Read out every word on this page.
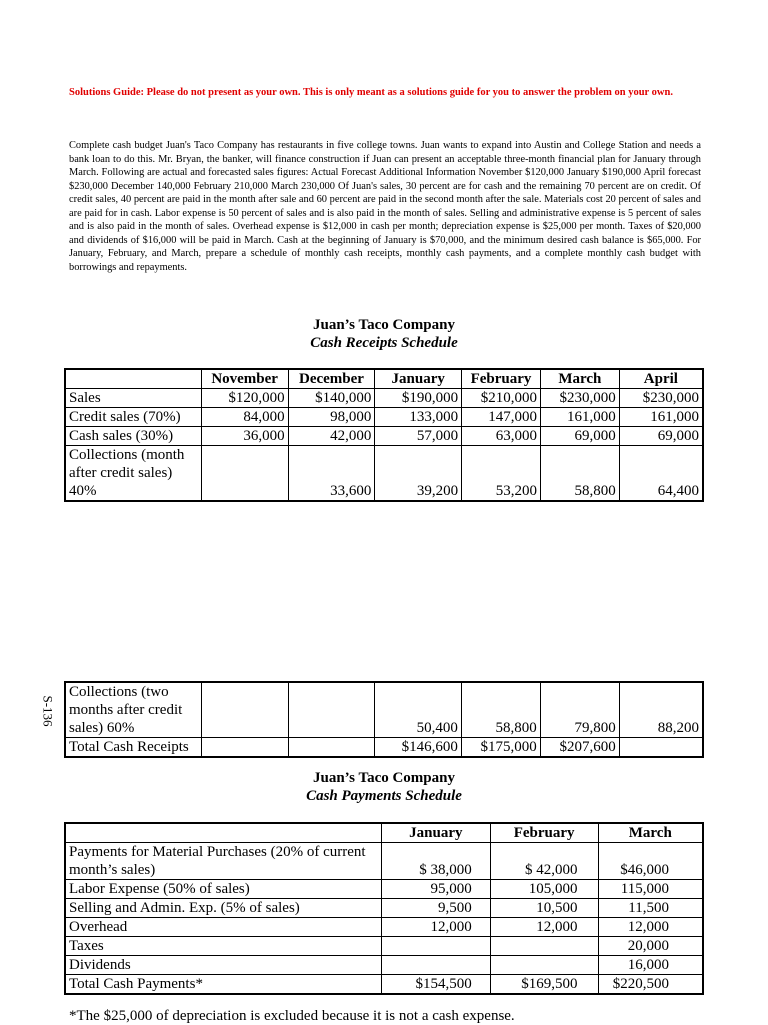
Solutions Guide: Please do not present as your own. This is only meant as a solutions guide for you to answer the problem on your own.
Complete cash budget Juan's Taco Company has restaurants in five college towns. Juan wants to expand into Austin and College Station and needs a bank loan to do this. Mr. Bryan, the banker, will finance construction if Juan can present an acceptable three-month financial plan for January through March. Following are actual and forecasted sales figures: Actual Forecast Additional Information November $120,000 January $190,000 April forecast $230,000 December 140,000 February 210,000 March 230,000 Of Juan's sales, 30 percent are for cash and the remaining 70 percent are on credit. Of credit sales, 40 percent are paid in the month after sale and 60 percent are paid in the second month after the sale. Materials cost 20 percent of sales and are paid for in cash. Labor expense is 50 percent of sales and is also paid in the month of sales. Selling and administrative expense is 5 percent of sales and is also paid in the month of sales. Overhead expense is $12,000 in cash per month; depreciation expense is $25,000 per month. Taxes of $20,000 and dividends of $16,000 will be paid in March. Cash at the beginning of January is $70,000, and the minimum desired cash balance is $65,000. For January, February, and March, prepare a schedule of monthly cash receipts, monthly cash payments, and a complete monthly cash budget with borrowings and repayments.
Juan’s Taco Company
Cash Receipts Schedule
	November	December	January	February	March	April
Sales	$120,000	$140,000	$190,000	$210,000	$230,000	$230,000
Credit sales (70%)	84,000	98,000	133,000	147,000	161,000	161,000
Cash sales (30%)	36,000	42,000	57,000	63,000	69,000	69,000
Collections (month after credit sales) 40%		33,600	39,200	53,200	58,800	64,400
S-136
Collections (two months after credit sales) 60%			50,400	58,800	79,800	88,200
Total Cash Receipts			$146,600	$175,000	$207,600	
Juan’s Taco Company
Cash Payments Schedule
	January	February	March
Payments for Material Purchases (20% of current month’s sales)	$ 38,000	$ 42,000	$46,000
Labor Expense (50% of sales)	95,000	105,000	115,000
Selling and Admin. Exp. (5% of sales)	9,500	10,500	11,500
Overhead	12,000	12,000	12,000
Taxes			20,000
Dividends			16,000
Total Cash Payments*	$154,500	$169,500	$220,500
*The $25,000 of depreciation is excluded because it is not a cash expense.
